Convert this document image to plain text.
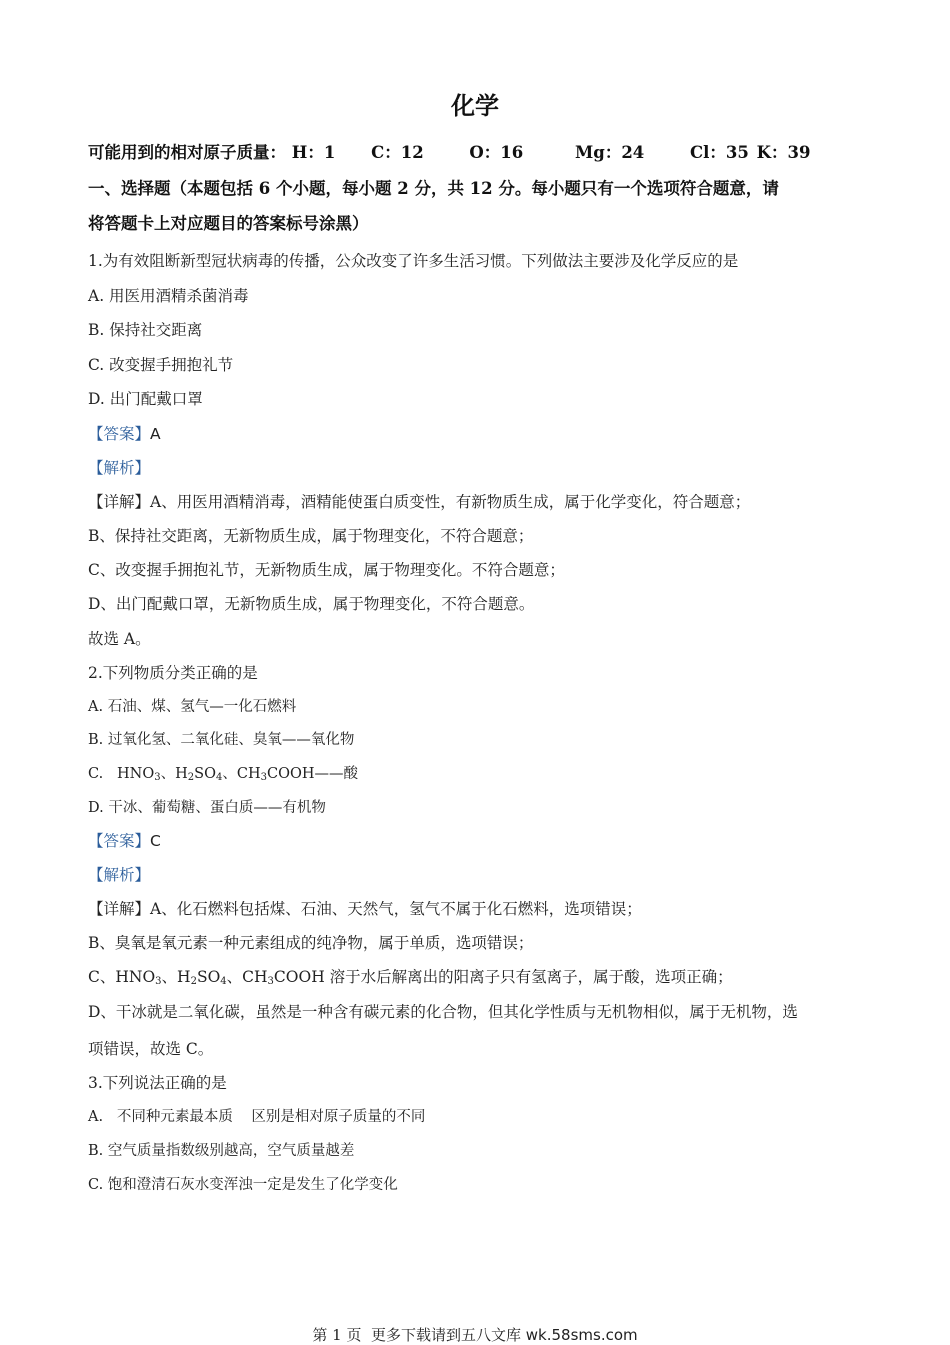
化学
可能用到的相对原子质量： H：1 C：12	O：16	Mg：24	Cl：35 K：39
一、选择题（本题包括 6 个小题，每小题 2 分，共 12 分。每小题只有一个选项符合题意，请
将答题卡上对应题目的答案标号涂黑）
1.为有效阻断新型冠状病毒的传播，公众改变了许多生活习惯。下列做法主要涉及化学反应的是
A. 用医用酒精杀菌消毒
B. 保持社交距离
C. 改变握手拥抱礼节
D. 出门配戴口罩
【答案】A
【解析】
【详解】A、用医用酒精消毒，酒精能使蛋白质变性，有新物质生成，属于化学变化，符合题意；
B、保持社交距离，无新物质生成，属于物理变化，不符合题意；
C、改变握手拥抱礼节，无新物质生成，属于物理变化。不符合题意；
D、出门配戴口罩，无新物质生成，属于物理变化，不符合题意。
故选 A。
2.下列物质分类正确的是
A. 石油、煤、氢气—一化石燃料
B. 过氧化氢、二氧化硅、臭氧——氧化物
C.   $HNO_3$、$H_2SO_4$、$CH_3COOH——$酸
D. 干冰、葡萄糖、蛋白质——有机物
【答案】C
【解析】
【详解】A、化石燃料包括煤、石油、天然气，氢气不属于化石燃料，选项错误；
B、臭氧是氧元素一种元素组成的纯净物，属于单质，选项错误；
C、$HNO_3$、$H_2SO_4$、$CH_3COOH$ 溶于水后解离出的阳离子只有氢离子，属于酸，选项正确；
D、干冰就是二氧化碳，虽然是一种含有碳元素的化合物，但其化学性质与无机物相似，属于无机物，选
项错误，故选 C。
3.下列说法正确的是
A.   不同种元素最本质    区别是相对原子质量的不同
B. 空气质量指数级别越高，空气质量越差
C. 饱和澄清石灰水变浑浊一定是发生了化学变化
第 1 页  更多下载请到五八文库 wk.58sms.com
